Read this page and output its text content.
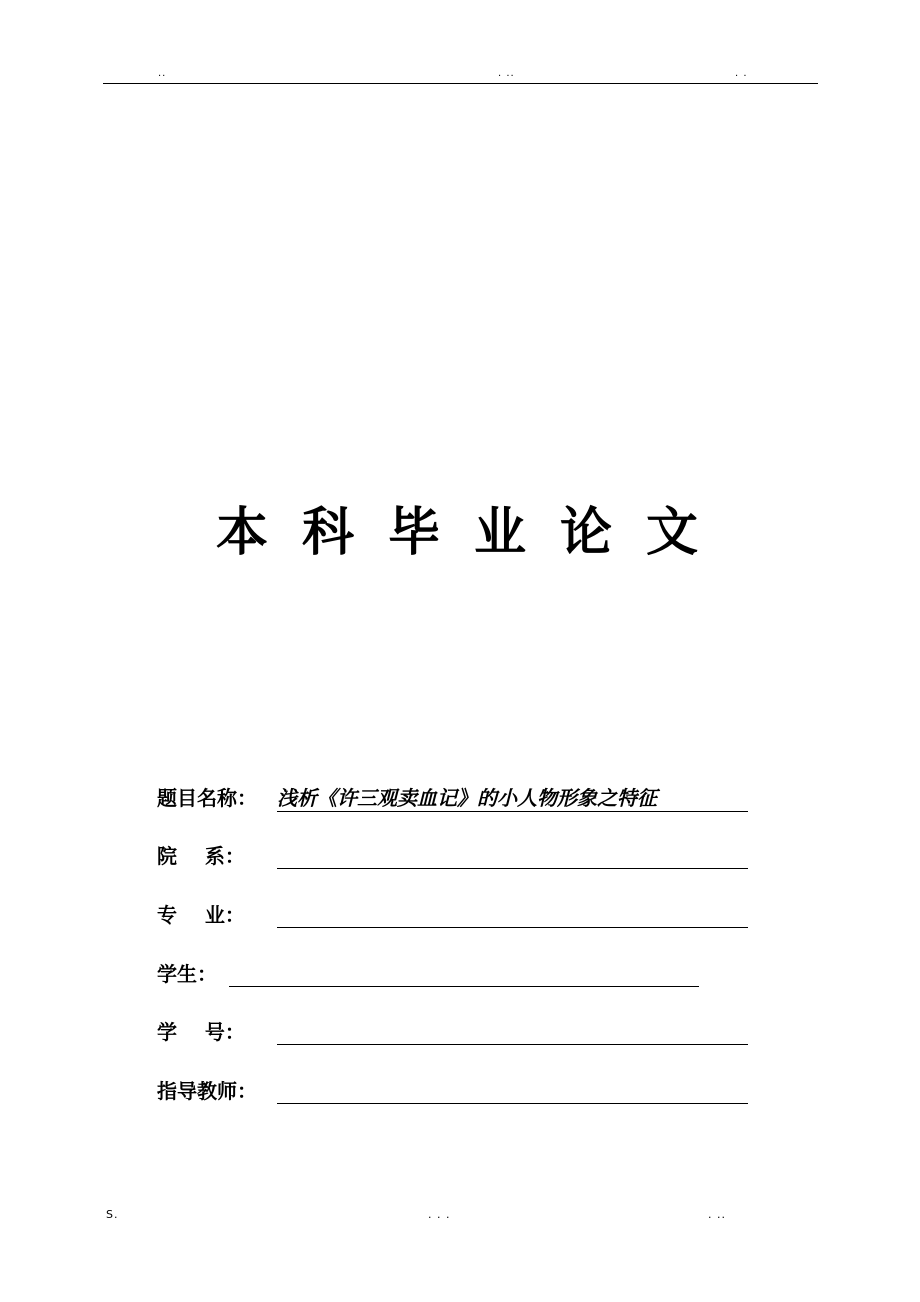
..	. ..	. .
本科毕业论文
题目名称： 浅析《许三观卖血记》的小人物形象之特征
院    系：
专    业：
学生：
学    号：
指导教师：
S.	. . .	. ..
